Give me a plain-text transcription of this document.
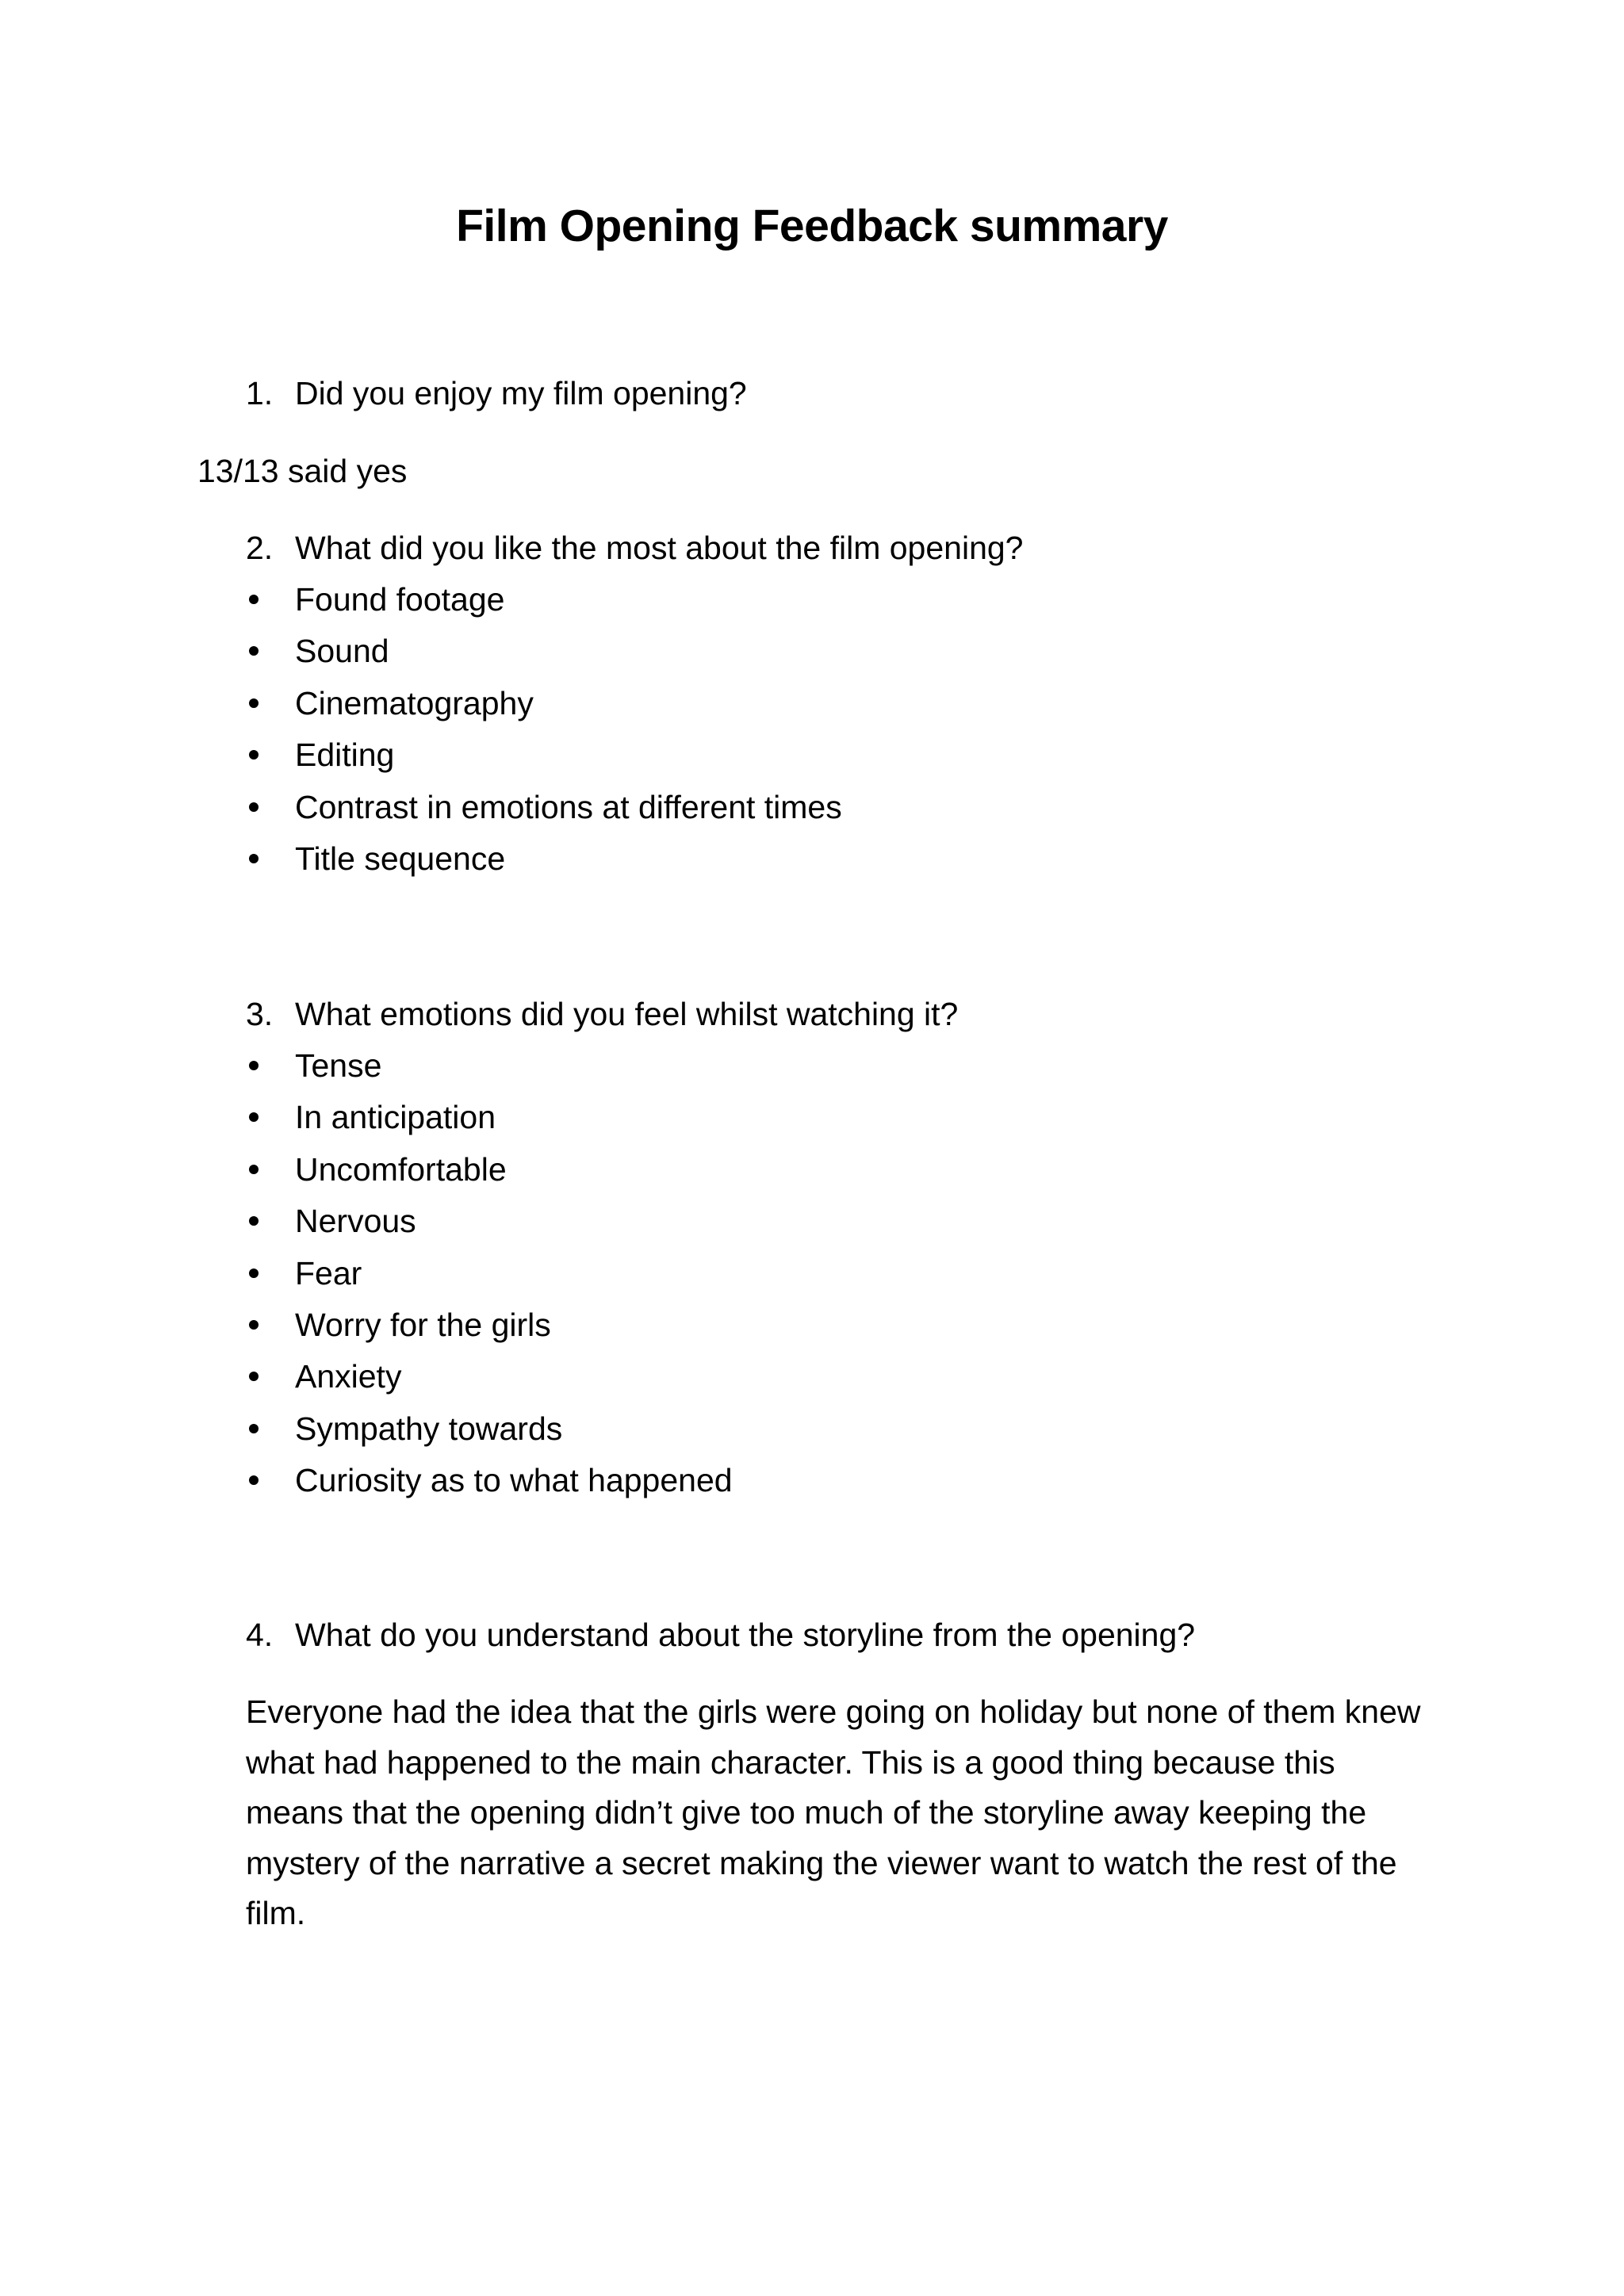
Film Opening Feedback summary
1. Did you enjoy my film opening?
13/13 said yes
2. What did you like the most about the film opening?
Found footage
Sound
Cinematography
Editing
Contrast in emotions at different times
Title sequence
3. What emotions did you feel whilst watching it?
Tense
In anticipation
Uncomfortable
Nervous
Fear
Worry for the girls
Anxiety
Sympathy towards
Curiosity as to what happened
4. What do you understand about the storyline from the opening?

Everyone had the idea that the girls were going on holiday but none of them knew what had happened to the main character. This is a good thing because this means that the opening didn’t give too much of the storyline away keeping the mystery of the narrative a secret making the viewer want to watch the rest of the film.
